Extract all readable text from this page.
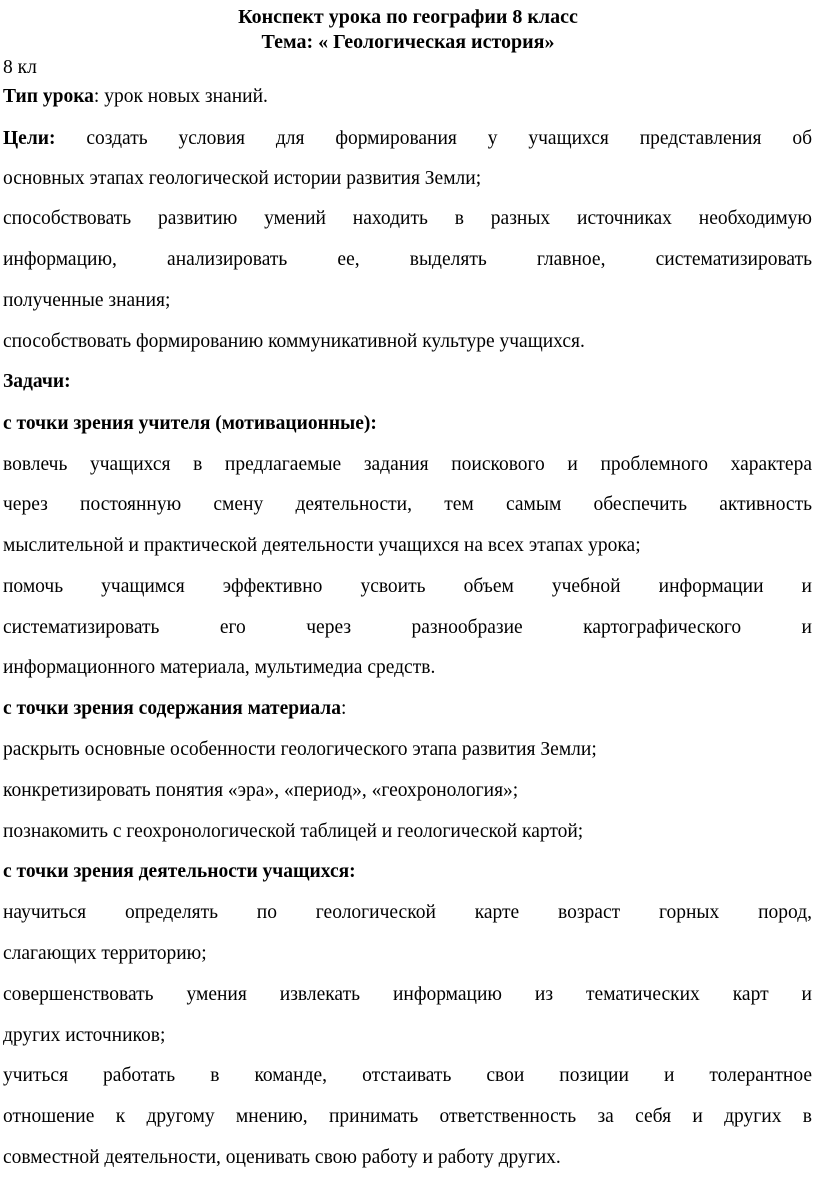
Конспект урока по географии 8 класс
Тема: « Геологическая история»
8 кл
Тип урока: урок новых знаний.
Цели: создать условия для формирования у учащихся представления об
основных этапах геологической истории развития Земли;
способствовать развитию умений находить в разных источниках необходимую
информацию, анализировать ее, выделять главное, систематизировать
полученные знания;
способствовать формированию коммуникативной культуре учащихся.
Задачи:
с точки зрения учителя (мотивационные):
вовлечь учащихся в предлагаемые задания поискового и проблемного характера
через постоянную смену деятельности, тем самым обеспечить активность
мыслительной и практической деятельности учащихся на всех этапах урока;
помочь учащимся эффективно усвоить объем учебной информации и
систематизировать его через разнообразие картографического и
информационного материала, мультимедиа средств.
с точки зрения содержания материала:
раскрыть основные особенности геологического этапа развития Земли;
конкретизировать понятия «эра», «период», «геохронология»;
познакомить с геохронологической таблицей и геологической картой;
с точки зрения деятельности учащихся:
научиться определять по геологической карте возраст горных пород,
слагающих территорию;
совершенствовать умения извлекать информацию из тематических карт и
других источников;
учиться работать в команде, отстаивать свои позиции и толерантное
отношение к другому мнению, принимать ответственность за себя и других в
совместной деятельности, оценивать свою работу и работу других.
